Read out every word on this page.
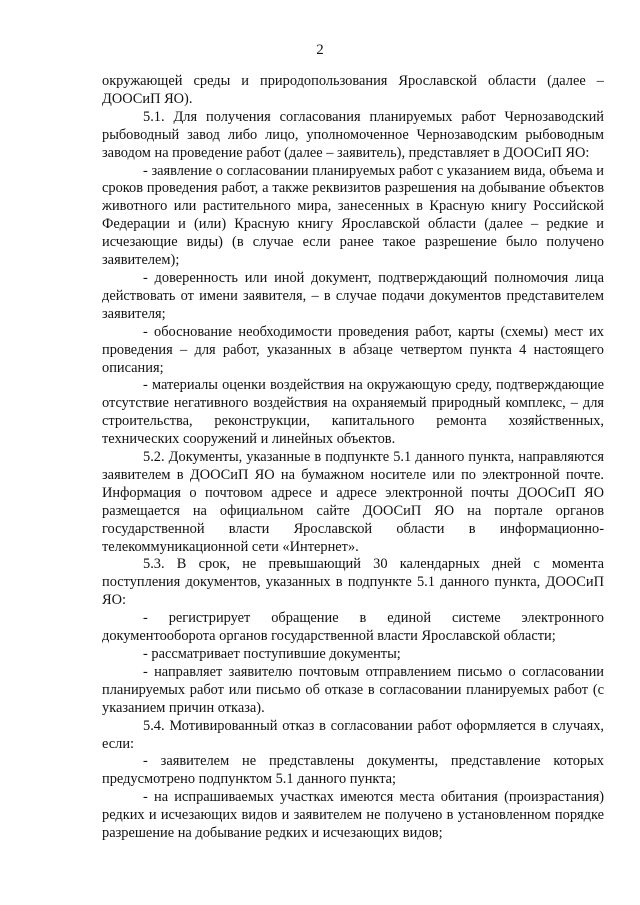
2

окружающей среды и природопользования Ярославской области (далее – ДООСиП ЯО).

5.1. Для получения согласования планируемых работ Чернозаводский рыбоводный завод либо лицо, уполномоченное Чернозаводским рыбоводным заводом на проведение работ (далее – заявитель), представляет в ДООСиП ЯО:

- заявление о согласовании планируемых работ с указанием вида, объема и сроков проведения работ, а также реквизитов разрешения на добывание объектов животного или растительного мира, занесенных в Красную книгу Российской Федерации и (или) Красную книгу Ярославской области (далее – редкие и исчезающие виды) (в случае если ранее такое разрешение было получено заявителем);

- доверенность или иной документ, подтверждающий полномочия лица действовать от имени заявителя, – в случае подачи документов представителем заявителя;

- обоснование необходимости проведения работ, карты (схемы) мест их проведения – для работ, указанных в абзаце четвертом пункта 4 настоящего описания;

- материалы оценки воздействия на окружающую среду, подтверждающие отсутствие негативного воздействия на охраняемый природный комплекс, – для строительства, реконструкции, капитального ремонта хозяйственных, технических сооружений и линейных объектов.

5.2. Документы, указанные в подпункте 5.1 данного пункта, направляются заявителем в ДООСиП ЯО на бумажном носителе или по электронной почте. Информация о почтовом адресе и адресе электронной почты ДООСиП ЯО размещается на официальном сайте ДООСиП ЯО на портале органов государственной власти Ярославской области в информационно-телекоммуникационной сети «Интернет».

5.3. В срок, не превышающий 30 календарных дней с момента поступления документов, указанных в подпункте 5.1 данного пункта, ДООСиП ЯО:

- регистрирует обращение в единой системе электронного документооборота органов государственной власти Ярославской области;

- рассматривает поступившие документы;

- направляет заявителю почтовым отправлением письмо о согласовании планируемых работ или письмо об отказе в согласовании планируемых работ (с указанием причин отказа).

5.4. Мотивированный отказ в согласовании работ оформляется в случаях, если:

- заявителем не представлены документы, представление которых предусмотрено подпунктом 5.1 данного пункта;

- на испрашиваемых участках имеются места обитания (произрастания) редких и исчезающих видов и заявителем не получено в установленном порядке разрешение на добывание редких и исчезающих видов;
